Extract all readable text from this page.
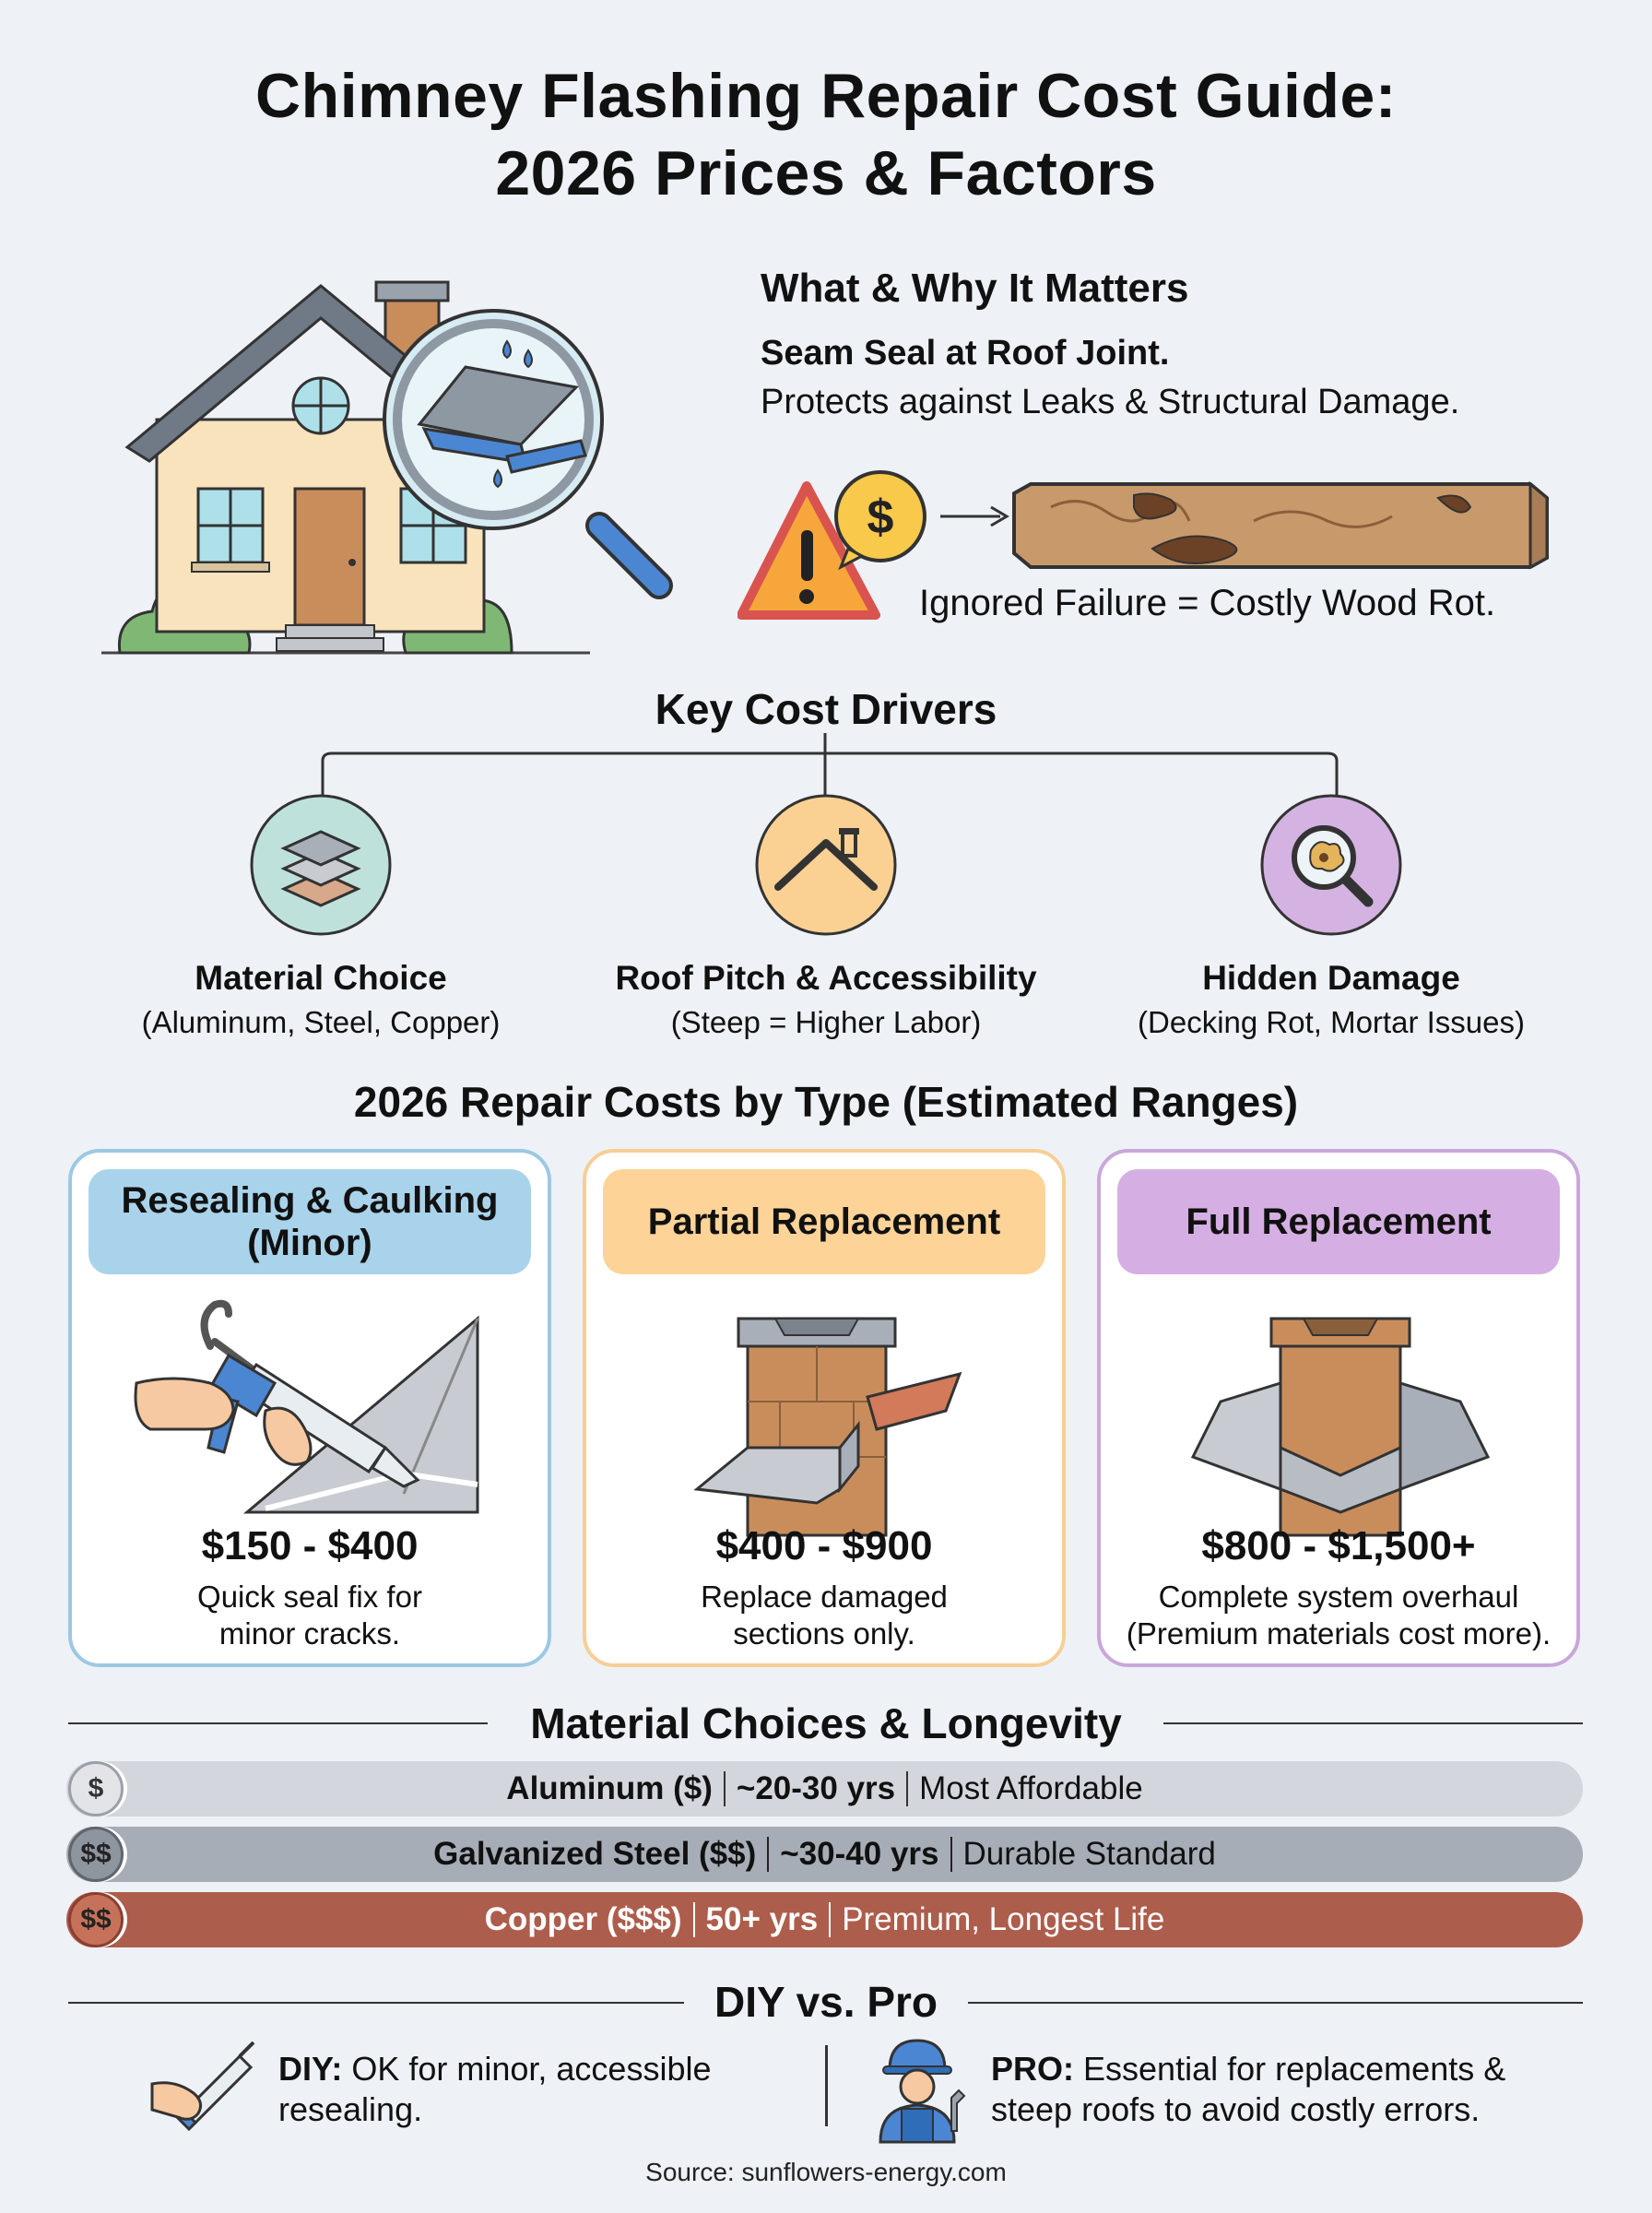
Chimney Flashing Repair Cost Guide:
2026 Prices & Factors
What & Why It Matters
Seam Seal at Roof Joint.
Protects against Leaks & Structural Damage.
$
Ignored Failure = Costly Wood Rot.
Key Cost Drivers
Material Choice
(Aluminum, Steel, Copper)
Roof Pitch & Accessibility
(Steep = Higher Labor)
Hidden Damage
(Decking Rot, Mortar Issues)
2026 Repair Costs by Type (Estimated Ranges)
Resealing & Caulking (Minor)
$150 - $400
Quick seal fix for
minor cracks.
Partial Replacement
$400 - $900
Replace damaged
sections only.
Full Replacement
$800 - $1,500+
Complete system overhaul
(Premium materials cost more).
Material Choices & Longevity
$	Aluminum ($) ~20-30 yrs Most Affordable
$$	Galvanized Steel ($$) ~30-40 yrs Durable Standard
$$	Copper ($$$) 50+ yrs Premium, Longest Life
DIY vs. Pro
DIY: OK for minor, accessible
resealing.
PRO: Essential for replacements &
steep roofs to avoid costly errors.
Source: sunflowers-energy.com
